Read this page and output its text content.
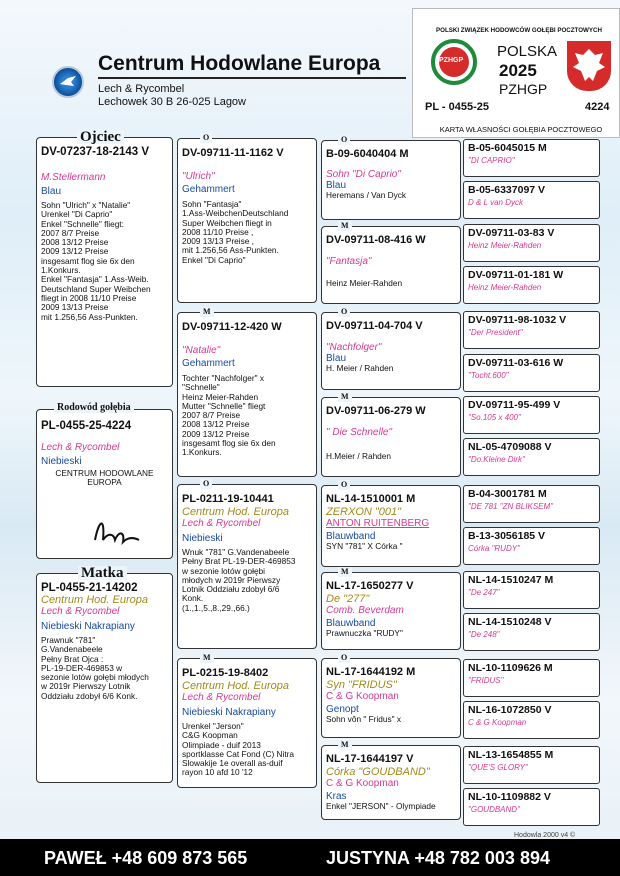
Centrum Hodowlane Europa
Lech & Rycombel
Lechowek 30 B 26-025 Lagow
POLSKI ZWIĄZEK HODOWCÓW GOŁĘBI POCZTOWYCH
PZHGP
POLSKA
2025
PZHGP
PL - 0455-25	4224
KARTA WŁASNOŚCI GOŁĘBIA POCZTOWEGO
DV-07237-18-2143 V
M.Stellermann
Blau
Sohn "Ulrich" x "Natalie"
Urenkel "Di Caprio"
Enkel "Schnelle" fliegt:
2007 8/7 Preise
2008 13/12 Preise
2009 13/12 Preise
insgesamt flog sie 6x den
1.Konkurs.
Enkel "Fantasja" 1.Ass-Weib.
Deutschland Super Weibchen
fliegt in 2008 11/10 Preise
2009 13/13 Preise
mit 1.256,56 Ass-Punkten.
Ojciec
PL-0455-25-4224
Lech & Rycombel
Niebieski
CENTRUM HODOWLANE
EUROPA
Rodowód gołębia
PL-0455-21-14202
Centrum Hod. Europa
Lech & Rycombel
Niebieski Nakrapiany
Prawnuk "781"
G.Vandenabeele
Pełny Brat Ojca :
PL-19-DER-469853 w
sezonie lotów gołębi młodych
w 2019r Pierwszy Lotnik
Oddziału zdobył 6/6 Konk.
Matka
DV-09711-11-1162 V
"Ulrich"
Gehammert
Sohn "Fantasja"
1.Ass-WeibchenDeutschland
Super Weibchen fliegt in
2008 11/10 Preise ,
2009 13/13 Preise ,
mit 1.256,56 Ass-Punkten.
Enkel "Di Caprio"
O
DV-09711-12-420 W
"Natalie"
Gehammert
Tochter "Nachfolger" x
"Schnelle"
Heinz Meier-Rahden
Mutter "Schnelle" fliegt
2007 8/7 Preise
2008 13/12 Preise
2009 13/12 Preise
insgesamt flog sie 6x den
1.Konkurs.
M
PL-0211-19-10441
Centrum Hod. Europa
Lech & Rycombel
Niebieski
Wnuk "781" G.Vandenabeele
Pełny Brat PL-19-DER-469853
w sezonie lotów gołębi
młodych w 2019r Pierwszy
Lotnik Oddziału zdobył 6/6
Konk.
(1.,1.,5.,8.,29.,66.)
O
PL-0215-19-8402
Centrum Hod. Europa
Lech & Rycombel
Niebieski Nakrapiany
Urenkel "Jerson"
C&G Koopman
Olimpiade - duif 2013
sportklasse Cat Fond (C) Nitra
Slowakije 1e overall as-duif
rayon 10 afd 10 '12
M
B-09-6040404 M
Sohn "Di Caprio"
Blau
Heremans / Van Dyck
DV-09711-08-416 W
"Fantasja"
Heinz Meier-Rahden
DV-09711-04-704 V
"Nachfolger"
Blau
H. Meier / Rahden
DV-09711-06-279 W
" Die Schnelle"
H.Meier / Rahden
NL-14-1510001 M
ZERXON "001"
ANTON RUITENBERG
Blauwband
SYN "781" X Córka "
NL-17-1650277 V
De "277"
Comb. Beverdam
Blauwband
Prawnuczka "RUDY"
NL-17-1644192 M
Syn "FRIDUS"
C & G Koopman
Genopt
Sohn vôn " Fridus" x
NL-17-1644197 V
Córka "GOUDBAND"
C & G Koopman
Kras
Enkel "JERSON" - Olympiade
O
M
O
M
O
M
O
M
B-05-6045015 M
"DI CAPRIO"
B-05-6337097 V
D & L van Dyck
DV-09711-03-83 V
Heinz Meier-Rahden
DV-09711-01-181 W
Heinz Meier-Rahden
DV-09711-98-1032 V
"Der President"
DV-09711-03-616 W
"Tocht.600"
DV-09711-95-499 V
"So.105 x 400"
NL-05-4709088 V
"Do.Kleine Dirk"
B-04-3001781 M
"DE 781 "ZN BLIKSEM"
B-13-3056185 V
Córka "RUDY"
NL-14-1510247 M
"De 247"
NL-14-1510248 V
"De 248"
NL-10-1109626 M
"FRIDUS"
NL-16-1072850 V
C & G Koopman
NL-13-1654855 M
"QUE'S GLORY"
NL-10-1109882 V
"GOUDBAND"
Hodowla 2000 v4 ©
PAWEŁ +48 609 873 565	JUSTYNA +48 782 003 894
